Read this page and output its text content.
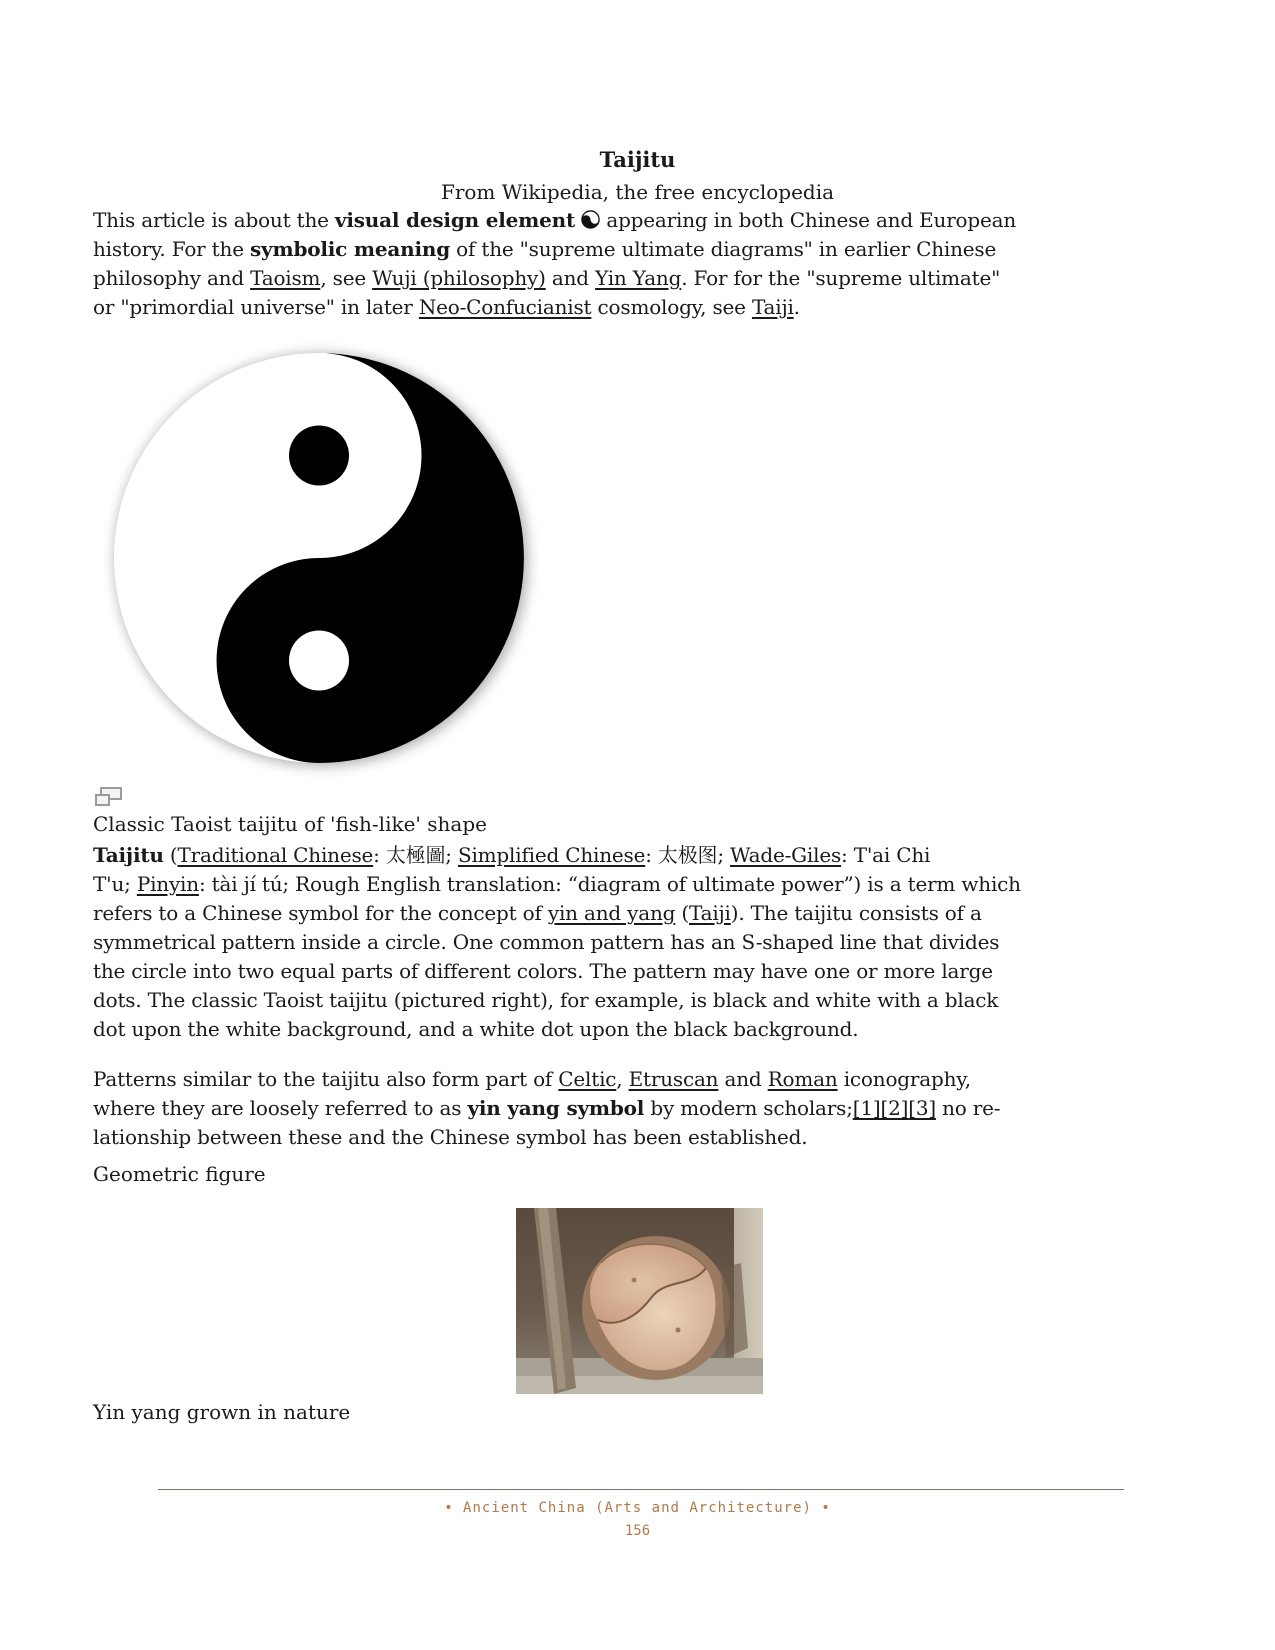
Taijitu
From Wikipedia, the free encyclopedia
This article is about the visual design element  appearing in both Chinese and European
history. For the symbolic meaning of the "supreme ultimate diagrams" in earlier Chinese
philosophy and Taoism, see Wuji (philosophy) and Yin Yang. For for the "supreme ultimate"
or "primordial universe" in later Neo-Confucianist cosmology, see Taiji.
Classic Taoist taijitu of 'fish-like' shape
Taijitu (Traditional Chinese: 太極圖; Simplified Chinese: 太极图; Wade-Giles: T'ai Chi
T'u; Pinyin: tài jí tú; Rough English translation: “diagram of ultimate power”) is a term which
refers to a Chinese symbol for the concept of yin and yang (Taiji). The taijitu consists of a
symmetrical pattern inside a circle. One common pattern has an S-shaped line that divides
the circle into two equal parts of different colors. The pattern may have one or more large
dots. The classic Taoist taijitu (pictured right), for example, is black and white with a black
dot upon the white background, and a white dot upon the black background.
Patterns similar to the taijitu also form part of Celtic, Etruscan and Roman iconography,
where they are loosely referred to as yin yang symbol by modern scholars;[1][2][3] no re-
lationship between these and the Chinese symbol has been established.
Geometric figure
Yin yang grown in nature
• Ancient China (Arts and Architecture) •
156
